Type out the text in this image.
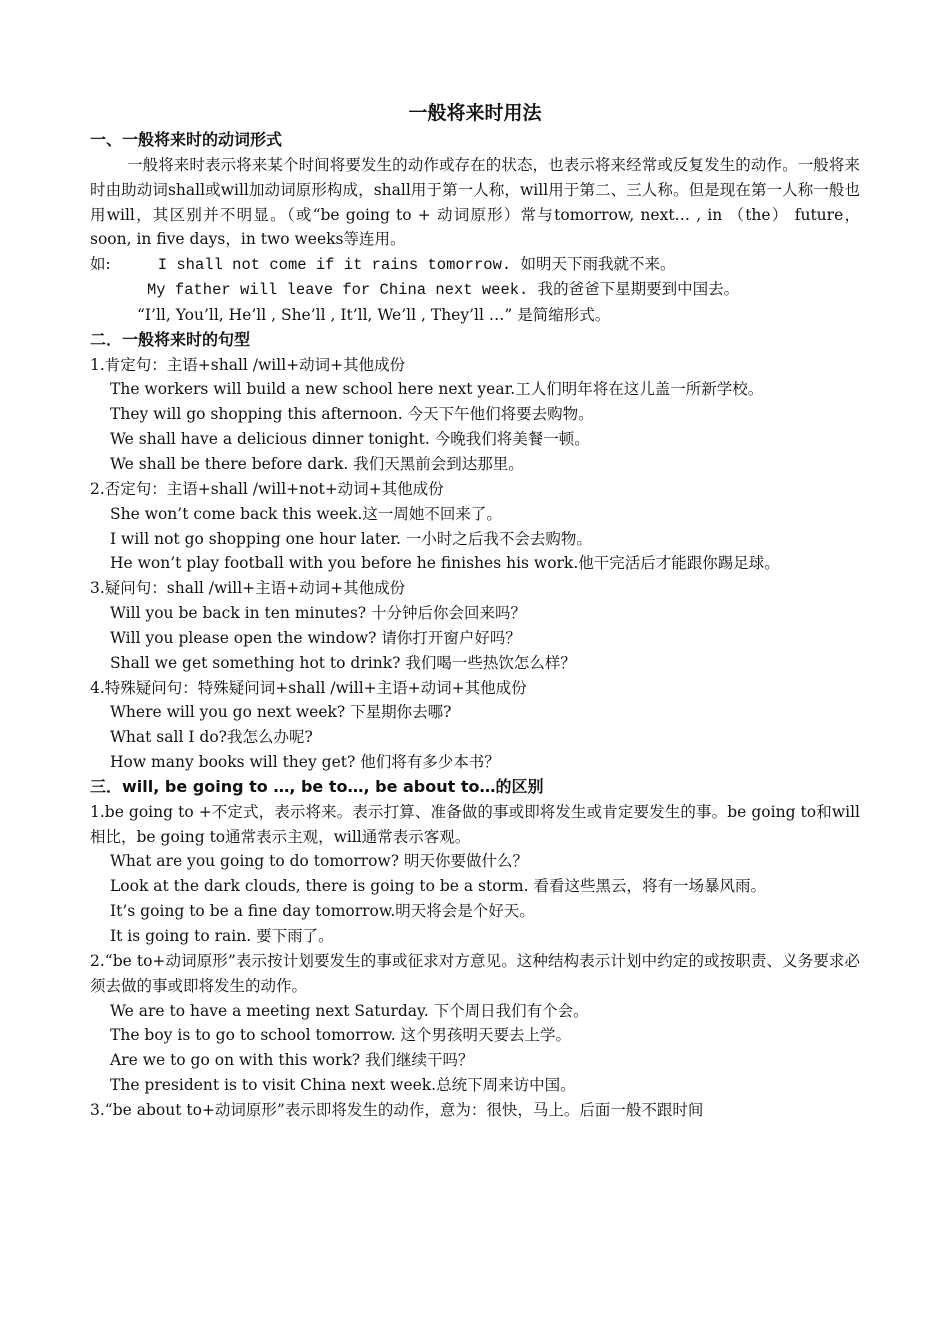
一般将来时用法

一、一般将来时的动词形式

一般将来时表示将来某个时间将要发生的动作或存在的状态，也表示将来经常或反复发生的动作。一般将来时由助动词shall或will加动词原形构成，shall用于第一人称，will用于第二、三人称。但是现在第一人称一般也用will，其区别并不明显。（或“be going to + 动词原形）常与tomorrow, next… , in （the） future，soon, in five days，in two weeks等连用。

如:	I shall not come if it rains tomorrow. 如明天下雨我就不来。

My father will leave for China next week. 我的爸爸下星期要到中国去。

“I’ll, You’ll, He’ll , She’ll , It’ll, We’ll , They’ll …” 是简缩形式。

二．一般将来时的句型

1.肯定句：主语+shall /will+动词+其他成份

The workers will build a new school here next year.工人们明年将在这儿盖一所新学校。

They will go shopping this afternoon. 今天下午他们将要去购物。

We shall have a delicious dinner tonight. 今晚我们将美餐一顿。

We shall be there before dark. 我们天黑前会到达那里。

2.否定句：主语+shall /will+not+动词+其他成份

She won’t come back this week.这一周她不回来了。

I will not go shopping one hour later. 一小时之后我不会去购物。

He won’t play football with you before he finishes his work.他干完活后才能跟你踢足球。

3.疑问句：shall /will+主语+动词+其他成份

Will you be back in ten minutes? 十分钟后你会回来吗？

Will you please open the window? 请你打开窗户好吗？

Shall we get something hot to drink? 我们喝一些热饮怎么样？

4.特殊疑问句：特殊疑问词+shall /will+主语+动词+其他成份

Where will you go next week? 下星期你去哪?

What sall I do?我怎么办呢?

How many books will they get? 他们将有多少本书？

三．will, be going to …, be to…, be about to…的区别

1.be going to +不定式，表示将来。表示打算、准备做的事或即将发生或肯定要发生的事。be going to和will相比，be going to通常表示主观，will通常表示客观。

What are you going to do tomorrow? 明天你要做什么？

Look at the dark clouds, there is going to be a storm. 看看这些黑云，将有一场暴风雨。

It’s going to be a fine day tomorrow.明天将会是个好天。

It is going to rain. 要下雨了。

2.“be to+动词原形”表示按计划要发生的事或征求对方意见。这种结构表示计划中约定的或按职责、义务要求必须去做的事或即将发生的动作。

We are to have a meeting next Saturday. 下个周日我们有个会。

The boy is to go to school tomorrow. 这个男孩明天要去上学。

Are we to go on with this work? 我们继续干吗？

The president is to visit China next week.总统下周来访中国。

3.“be about to+动词原形”表示即将发生的动作，意为：很快，马上。后面一般不跟时间
